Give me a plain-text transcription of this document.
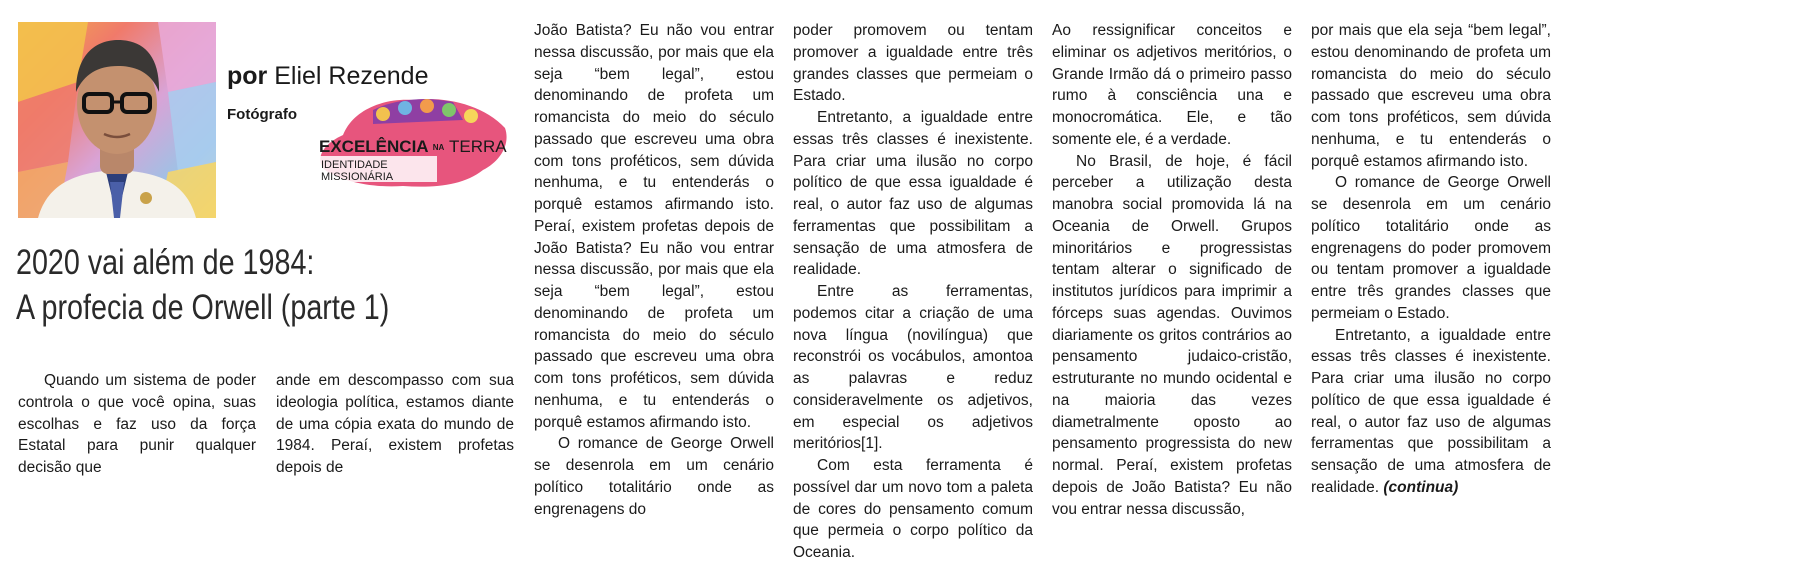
por Eliel Rezende
Fotógrafo
EXCELÊNCIA NA TERRA
IDENTIDADE
MISSIONÁRIA
2020 vai além de 1984:
A profecia de Orwell (parte 1)

Quando um sistema de poder controla o que você opina, suas escolhas e faz uso da força Estatal para punir qualquer decisão que

ande em descompasso com sua ideologia política, estamos diante de uma cópia exata do mundo de 1984. Peraí, existem profetas depois de

João Batista? Eu não vou entrar nessa discussão, por mais que ela seja “bem legal”, estou denominando de profeta um romancista do meio do século passado que escreveu uma obra com tons proféticos, sem dúvida nenhuma, e tu entenderás o porquê estamos afirmando isto. Peraí, existem profetas depois de João Batista? Eu não vou entrar nessa discussão, por mais que ela seja “bem legal”, estou denominando de profeta um romancista do meio do século passado que escreveu uma obra com tons proféticos, sem dúvida nenhuma, e tu entenderás o porquê estamos afirmando isto.

O romance de George Orwell se desenrola em um cenário político totalitário onde as engrenagens do

poder promovem ou tentam promover a igualdade entre três grandes classes que permeiam o Estado.

Entretanto, a igualdade entre essas três classes é inexistente. Para criar uma ilusão no corpo político de que essa igualdade é real, o autor faz uso de algumas ferramentas que possibilitam a sensação de uma atmosfera de realidade.

Entre as ferramentas, podemos citar a criação de uma nova língua (novilíngua) que reconstrói os vocábulos, amontoa as palavras e reduz consideravelmente os adjetivos, em especial os adjetivos meritórios[1].

Com esta ferramenta é possível dar um novo tom a paleta de cores do pensamento comum que permeia o corpo político da Oceania.

Ao ressignificar conceitos e eliminar os adjetivos meritórios, o Grande Irmão dá o primeiro passo rumo à consciência una e monocromática. Ele, e tão somente ele, é a verdade.

No Brasil, de hoje, é fácil perceber a utilização desta manobra social promovida lá na Oceania de Orwell. Grupos minoritários e progressistas tentam alterar o significado de institutos jurídicos para imprimir a fórceps suas agendas. Ouvimos diariamente os gritos contrários ao pensamento judaico-cristão, estruturante no mundo ocidental e na maioria das vezes diametralmente oposto ao pensamento progressista do new normal. Peraí, existem profetas depois de João Batista? Eu não vou entrar nessa discussão,

por mais que ela seja “bem legal”, estou denominando de profeta um romancista do meio do século passado que escreveu uma obra com tons proféticos, sem dúvida nenhuma, e tu entenderás o porquê estamos afirmando isto.

O romance de George Orwell se desenrola em um cenário político totalitário onde as engrenagens do poder promovem ou tentam promover a igualdade entre três grandes classes que permeiam o Estado.

Entretanto, a igualdade entre essas três classes é inexistente. Para criar uma ilusão no corpo político de que essa igualdade é real, o autor faz uso de algumas ferramentas que possibilitam a sensação de uma atmosfera de realidade. (continua)
